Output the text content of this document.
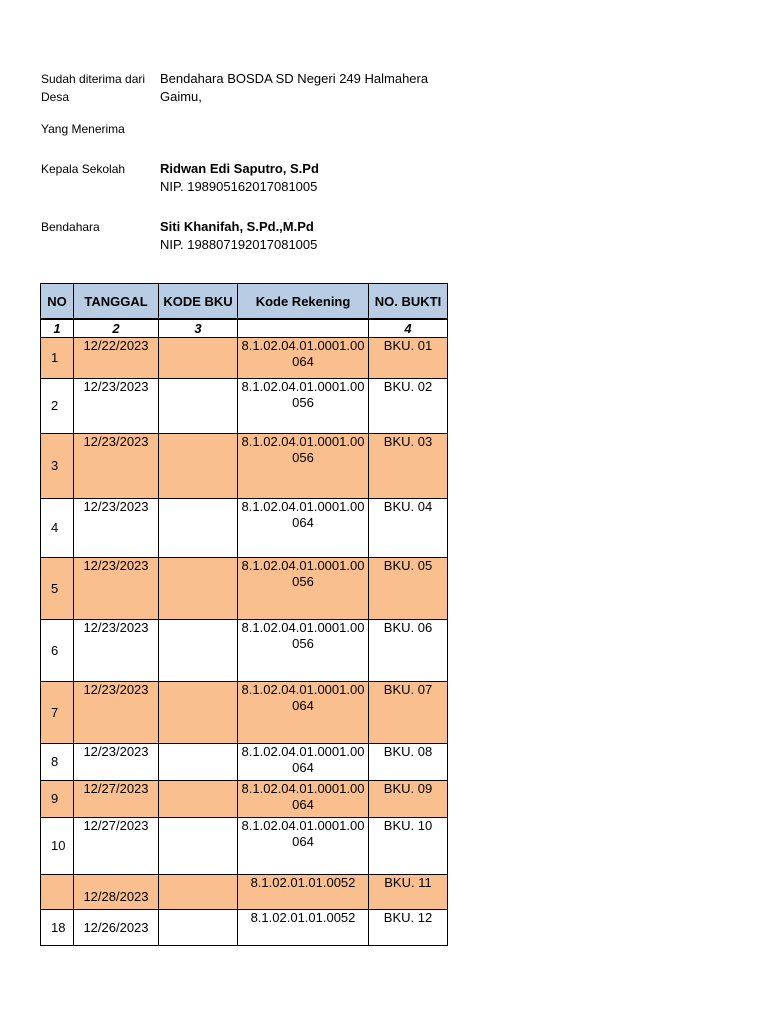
Sudah diterima dari Desa
Bendahara BOSDA SD Negeri 249 Halmahera Gaimu,
Yang Menerima
Kepala Sekolah	Ridwan Edi Saputro, S.Pd
NIP. 198905162017081005
Bendahara	Siti Khanifah, S.Pd.,M.Pd
NIP. 198807192017081005
NO	TANGGAL	KODE BKU	Kode Rekening	NO. BUKTI
1	2	3		4
1	12/22/2023		8.1.02.04.01.0001.00064	BKU. 01
2	12/23/2023		8.1.02.04.01.0001.00056	BKU. 02
3	12/23/2023		8.1.02.04.01.0001.00056	BKU. 03
4	12/23/2023		8.1.02.04.01.0001.00064	BKU. 04
5	12/23/2023		8.1.02.04.01.0001.00056	BKU. 05
6	12/23/2023		8.1.02.04.01.0001.00056	BKU. 06
7	12/23/2023		8.1.02.04.01.0001.00064	BKU. 07
8	12/23/2023		8.1.02.04.01.0001.00064	BKU. 08
9	12/27/2023		8.1.02.04.01.0001.00064	BKU. 09
10	12/27/2023		8.1.02.04.01.0001.00064	BKU. 10
	12/28/2023		8.1.02.01.01.0052	BKU. 11
18	12/26/2023		8.1.02.01.01.0052	BKU. 12
